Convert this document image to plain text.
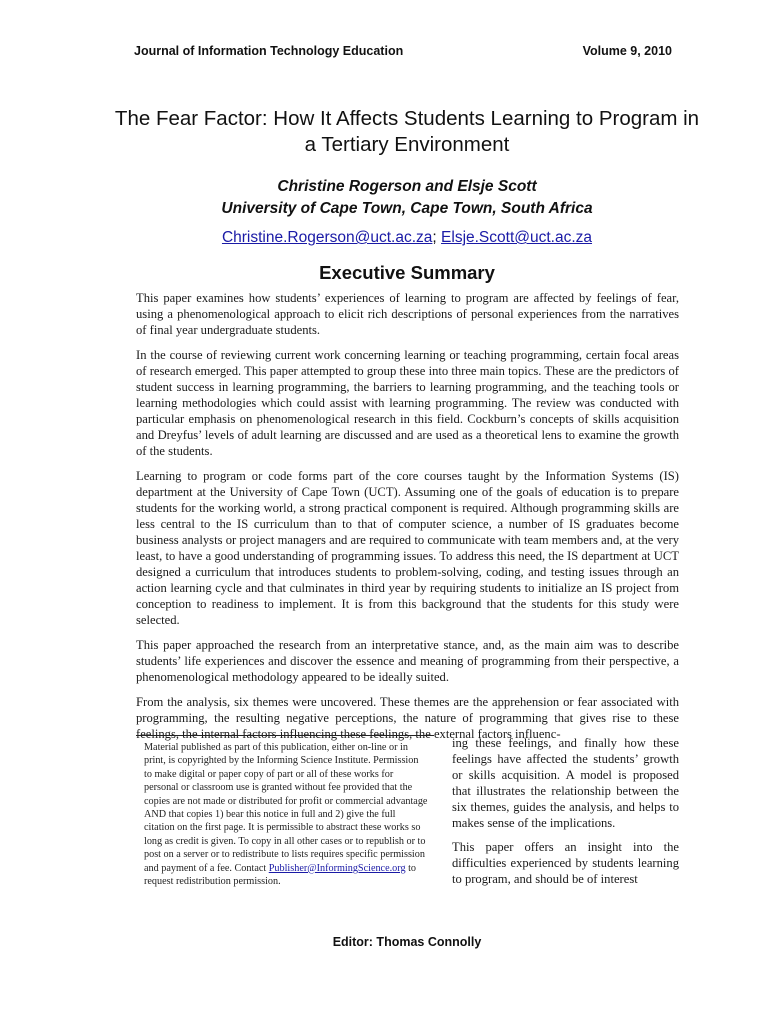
Journal of Information Technology Education	Volume 9, 2010
The Fear Factor: How It Affects Students Learning to Program in a Tertiary Environment
Christine Rogerson and Elsje Scott
University of Cape Town, Cape Town, South Africa
Christine.Rogerson@uct.ac.za; Elsje.Scott@uct.ac.za
Executive Summary

This paper examines how students’ experiences of learning to program are affected by feelings of fear, using a phenomenological approach to elicit rich descriptions of personal experiences from the narratives of final year undergraduate students.

In the course of reviewing current work concerning learning or teaching programming, certain focal areas of research emerged. This paper attempted to group these into three main topics. These are the predictors of student success in learning programming, the barriers to learning programming, and the teaching tools or learning methodologies which could assist with learning programming. The review was conducted with particular emphasis on phenomenological research in this field. Cockburn’s concepts of skills acquisition and Dreyfus’ levels of adult learning are discussed and are used as a theoretical lens to examine the growth of the students.

Learning to program or code forms part of the core courses taught by the Information Systems (IS) department at the University of Cape Town (UCT). Assuming one of the goals of education is to prepare students for the working world, a strong practical component is required. Although programming skills are less central to the IS curriculum than to that of computer science, a number of IS graduates become business analysts or project managers and are required to communicate with team members and, at the very least, to have a good understanding of programming issues. To address this need, the IS department at UCT designed a curriculum that introduces students to problem-solving, coding, and testing issues through an action learning cycle and that culminates in third year by requiring students to initialize an IS project from conception to readiness to implement. It is from this background that the students for this study were selected.

This paper approached the research from an interpretative stance, and, as the main aim was to describe students’ life experiences and discover the essence and meaning of programming from their perspective, a phenomenological methodology appeared to be ideally suited.

From the analysis, six themes were uncovered. These themes are the apprehension or fear associated with programming, the resulting negative perceptions, the nature of programming that gives rise to these feelings, the internal factors influencing these feelings, the external factors influenc-

Material published as part of this publication, either on-line or in print, is copyrighted by the Informing Science Institute. Permission to make digital or paper copy of part or all of these works for personal or classroom use is granted without fee provided that the copies are not made or distributed for profit or commercial advantage AND that copies 1) bear this notice in full and 2) give the full citation on the first page. It is permissible to abstract these works so long as credit is given. To copy in all other cases or to republish or to post on a server or to redistribute to lists requires specific permission and payment of a fee. Contact Publisher@InformingScience.org to request redistribution permission.

ing these feelings, and finally how these feelings have affected the students’ growth or skills acquisition. A model is proposed that illustrates the relationship between the six themes, guides the analysis, and helps to makes sense of the implications.

This paper offers an insight into the difficulties experienced by students learning to program, and should be of interest

Editor: Thomas Connolly
